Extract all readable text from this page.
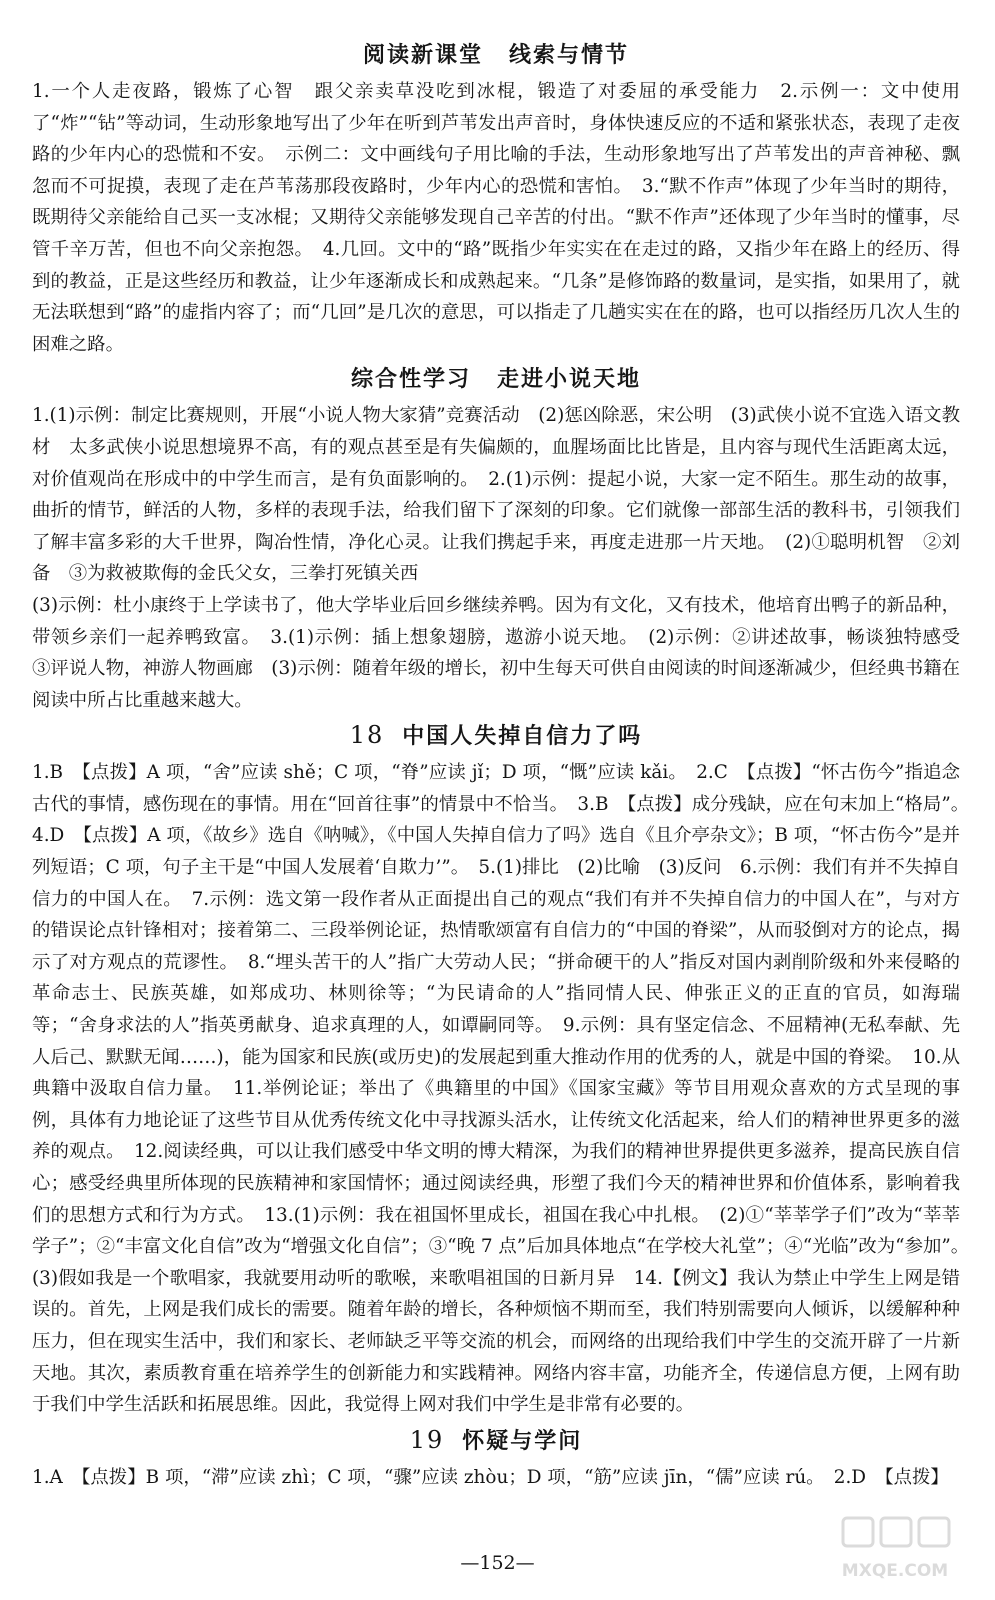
阅读新课堂 线索与情节

1.一个人走夜路，锻炼了心智　跟父亲卖草没吃到冰棍，锻造了对委屈的承受能力　2.示例一：文中使用了“炸”“钻”等动词，生动形象地写出了少年在听到芦苇发出声音时，身体快速反应的不适和紧张状态，表现了走夜路的少年内心的恐慌和不安。　示例二：文中画线句子用比喻的手法，生动形象地写出了芦苇发出的声音神秘、飘忽而不可捉摸，表现了走在芦苇荡那段夜路时，少年内心的恐慌和害怕。　3.“默不作声”体现了少年当时的期待，既期待父亲能给自己买一支冰棍；又期待父亲能够发现自己辛苦的付出。“默不作声”还体现了少年当时的懂事，尽管千辛万苦，但也不向父亲抱怨。　4.几回。文中的“路”既指少年实实在在走过的路，又指少年在路上的经历、得到的教益，正是这些经历和教益，让少年逐渐成长和成熟起来。“几条”是修饰路的数量词，是实指，如果用了，就无法联想到“路”的虚指内容了；而“几回”是几次的意思，可以指走了几趟实实在在的路，也可以指经历几次人生的困难之路。

综合性学习 走进小说天地

1.(1)示例：制定比赛规则，开展“小说人物大家猜”竞赛活动　(2)惩凶除恶，宋公明　(3)武侠小说不宜选入语文教材　太多武侠小说思想境界不高，有的观点甚至是有失偏颇的，血腥场面比比皆是，且内容与现代生活距离太远，对价值观尚在形成中的中学生而言，是有负面影响的。　2.(1)示例：提起小说，大家一定不陌生。那生动的故事，曲折的情节，鲜活的人物，多样的表现手法，给我们留下了深刻的印象。它们就像一部部生活的教科书，引领我们了解丰富多彩的大千世界，陶冶性情，净化心灵。让我们携起手来，再度走进那一片天地。　(2)①聪明机智　②刘备　③为救被欺侮的金氏父女，三拳打死镇关西

(3)示例：杜小康终于上学读书了，他大学毕业后回乡继续养鸭。因为有文化，又有技术，他培育出鸭子的新品种，带领乡亲们一起养鸭致富。　3.(1)示例：插上想象翅膀，遨游小说天地。　(2)示例：②讲述故事，畅谈独特感受　③评说人物，神游人物画廊　(3)示例：随着年级的增长，初中生每天可供自由阅读的时间逐渐减少，但经典书籍在阅读中所占比重越来越大。

18 中国人失掉自信力了吗

1.B　【点拨】A 项，“舍”应读 shě；C 项，“脊”应读 jǐ；D 项，“慨”应读 kǎi。　2.C　【点拨】“怀古伤今”指追念古代的事情，感伤现在的事情。用在“回首往事”的情景中不恰当。　3.B　【点拨】成分残缺，应在句末加上“格局”。　4.D　【点拨】A 项，《故乡》选自《呐喊》，《中国人失掉自信力了吗》选自《且介亭杂文》；B 项，“怀古伤今”是并列短语；C 项，句子主干是“中国人发展着‘自欺力’”。　5.(1)排比　(2)比喻　(3)反问　6.示例：我们有并不失掉自信力的中国人在。　7.示例：选文第一段作者从正面提出自己的观点“我们有并不失掉自信力的中国人在”，与对方的错误论点针锋相对；接着第二、三段举例论证，热情歌颂富有自信力的“中国的脊梁”，从而驳倒对方的论点，揭示了对方观点的荒谬性。　8.“埋头苦干的人”指广大劳动人民；“拼命硬干的人”指反对国内剥削阶级和外来侵略的革命志士、民族英雄，如郑成功、林则徐等；“为民请命的人”指同情人民、伸张正义的正直的官员，如海瑞等；“舍身求法的人”指英勇献身、追求真理的人，如谭嗣同等。　9.示例：具有坚定信念、不屈精神(无私奉献、先人后己、默默无闻……)，能为国家和民族(或历史)的发展起到重大推动作用的优秀的人，就是中国的脊梁。　10.从典籍中汲取自信力量。　11.举例论证；举出了《典籍里的中国》《国家宝藏》等节目用观众喜欢的方式呈现的事例，具体有力地论证了这些节目从优秀传统文化中寻找源头活水，让传统文化活起来，给人们的精神世界更多的滋养的观点。　12.阅读经典，可以让我们感受中华文明的博大精深，为我们的精神世界提供更多滋养，提高民族自信心；感受经典里所体现的民族精神和家国情怀；通过阅读经典，形塑了我们今天的精神世界和价值体系，影响着我们的思想方式和行为方式。　13.(1)示例：我在祖国怀里成长，祖国在我心中扎根。　(2)①“莘莘学子们”改为“莘莘学子”；②“丰富文化自信”改为“增强文化自信”；③“晚 7 点”后加具体地点“在学校大礼堂”；④“光临”改为“参加”。　(3)假如我是一个歌唱家，我就要用动听的歌喉，来歌唱祖国的日新月异　14.【例文】我认为禁止中学生上网是错误的。首先，上网是我们成长的需要。随着年龄的增长，各种烦恼不期而至，我们特别需要向人倾诉，以缓解种种压力，但在现实生活中，我们和家长、老师缺乏平等交流的机会，而网络的出现给我们中学生的交流开辟了一片新天地。其次，素质教育重在培养学生的创新能力和实践精神。网络内容丰富，功能齐全，传递信息方便，上网有助于我们中学生活跃和拓展思维。因此，我觉得上网对我们中学生是非常有必要的。

19 怀疑与学问

1.A　【点拨】B 项，“滞”应读 zhì；C 项，“骤”应读 zhòu；D 项，“筋”应读 jīn，“儒”应读 rú。　2.D　【点拨】

MXQE.COM
—152—
